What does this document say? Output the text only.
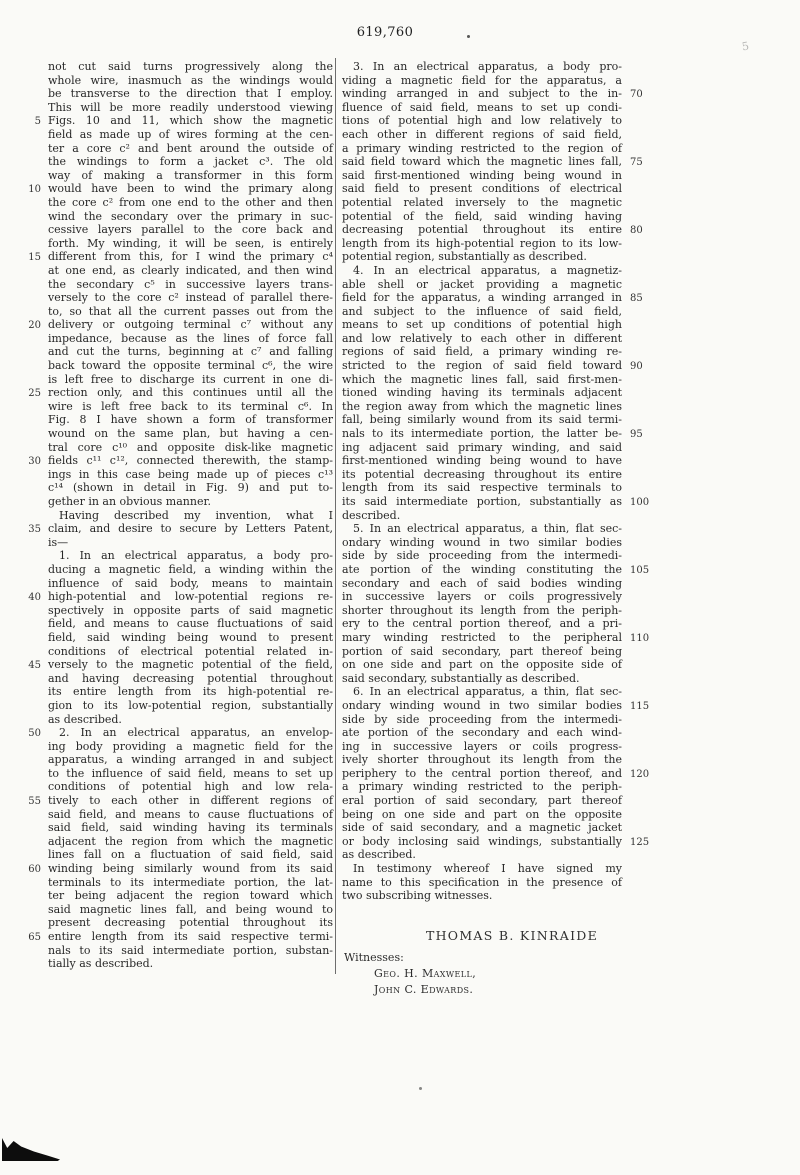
619,760
5
not cut said turns progressively along the
whole wire, inasmuch as the windings would
be transverse to the direction that I employ.
This will be more readily understood viewing
Figs. 10 and 11, which show the magnetic
5
field as made up of wires forming at the cen-
ter a core c² and bent around the outside of
the windings to form a jacket c³. The old
way of making a transformer in this form
would have been to wind the primary along
10
the core c² from one end to the other and then
wind the secondary over the primary in suc-
cessive layers parallel to the core back and
forth. My winding, it will be seen, is entirely
different from this, for I wind the primary c⁴
15
at one end, as clearly indicated, and then wind
the secondary c⁵ in successive layers trans-
versely to the core c² instead of parallel there-
to, so that all the current passes out from the
delivery or outgoing terminal c⁷ without any
20
impedance, because as the lines of force fall
and cut the turns, beginning at c⁷ and falling
back toward the opposite terminal c⁶, the wire
is left free to discharge its current in one di-
rection only, and this continues until all the
25
wire is left free back to its terminal c⁶. In
Fig. 8 I have shown a form of transformer
wound on the same plan, but having a cen-
tral core c¹⁰ and opposite disk-like magnetic
fields c¹¹ c¹², connected therewith, the stamp-
30
ings in this case being made up of pieces c¹³
c¹⁴ (shown in detail in Fig. 9) and put to-
gether in an obvious manner.
Having described my invention, what I
claim, and desire to secure by Letters Patent,
35
is—
1. In an electrical apparatus, a body pro-
ducing a magnetic field, a winding within the
influence of said body, means to maintain
high-potential and low-potential regions re-
40
spectively in opposite parts of said magnetic
field, and means to cause fluctuations of said
field, said winding being wound to present
conditions of electrical potential related in-
versely to the magnetic potential of the field,
45
and having decreasing potential throughout
its entire length from its high-potential re-
gion to its low-potential region, substantially
as described.
2. In an electrical apparatus, an envelop-
50
ing body providing a magnetic field for the
apparatus, a winding arranged in and subject
to the influence of said field, means to set up
conditions of potential high and low rela-
tively to each other in different regions of
55
said field, and means to cause fluctuations of
said field, said winding having its terminals
adjacent the region from which the magnetic
lines fall on a fluctuation of said field, said
winding being similarly wound from its said
60
terminals to its intermediate portion, the lat-
ter being adjacent the region toward which
said magnetic lines fall, and being wound to
present decreasing potential throughout its
entire length from its said respective termi-
65
nals to its said intermediate portion, substan-
tially as described.
3. In an electrical apparatus, a body pro-
viding a magnetic field for the apparatus, a
winding arranged in and subject to the in- 70
fluence of said field, means to set up condi-
tions of potential high and low relatively to
each other in different regions of said field,
a primary winding restricted to the region of
said field toward which the magnetic lines fall, 75
said first-mentioned winding being wound in
said field to present conditions of electrical
potential related inversely to the magnetic
potential of the field, said winding having
decreasing potential throughout its entire 80
length from its high-potential region to its low-
potential region, substantially as described.
4. In an electrical apparatus, a magnetiz-
able shell or jacket providing a magnetic
field for the apparatus, a winding arranged in 85
and subject to the influence of said field,
means to set up conditions of potential high
and low relatively to each other in different
regions of said field, a primary winding re-
stricted to the region of said field toward 90
which the magnetic lines fall, said first-men-
tioned winding having its terminals adjacent
the region away from which the magnetic lines
fall, being similarly wound from its said termi-
nals to its intermediate portion, the latter be- 95
ing adjacent said primary winding, and said
first-mentioned winding being wound to have
its potential decreasing throughout its entire
length from its said respective terminals to
its said intermediate portion, substantially as 100
described.
5. In an electrical apparatus, a thin, flat sec-
ondary winding wound in two similar bodies
side by side proceeding from the intermedi-
ate portion of the winding constituting the 105
secondary and each of said bodies winding
in successive layers or coils progressively
shorter throughout its length from the periph-
ery to the central portion thereof, and a pri-
mary winding restricted to the peripheral 110
portion of said secondary, part thereof being
on one side and part on the opposite side of
said secondary, substantially as described.
6. In an electrical apparatus, a thin, flat sec-
ondary winding wound in two similar bodies 115
side by side proceeding from the intermedi-
ate portion of the secondary and each wind-
ing in successive layers or coils progress-
ively shorter throughout its length from the
periphery to the central portion thereof, and 120
a primary winding restricted to the periph-
eral portion of said secondary, part thereof
being on one side and part on the opposite
side of said secondary, and a magnetic jacket
or body inclosing said windings, substantially 125
as described.
In testimony whereof I have signed my
name to this specification in the presence of
two subscribing witnesses.
THOMAS B. KINRAIDE
Witnesses:
Geo. H. Maxwell,
John C. Edwards.
